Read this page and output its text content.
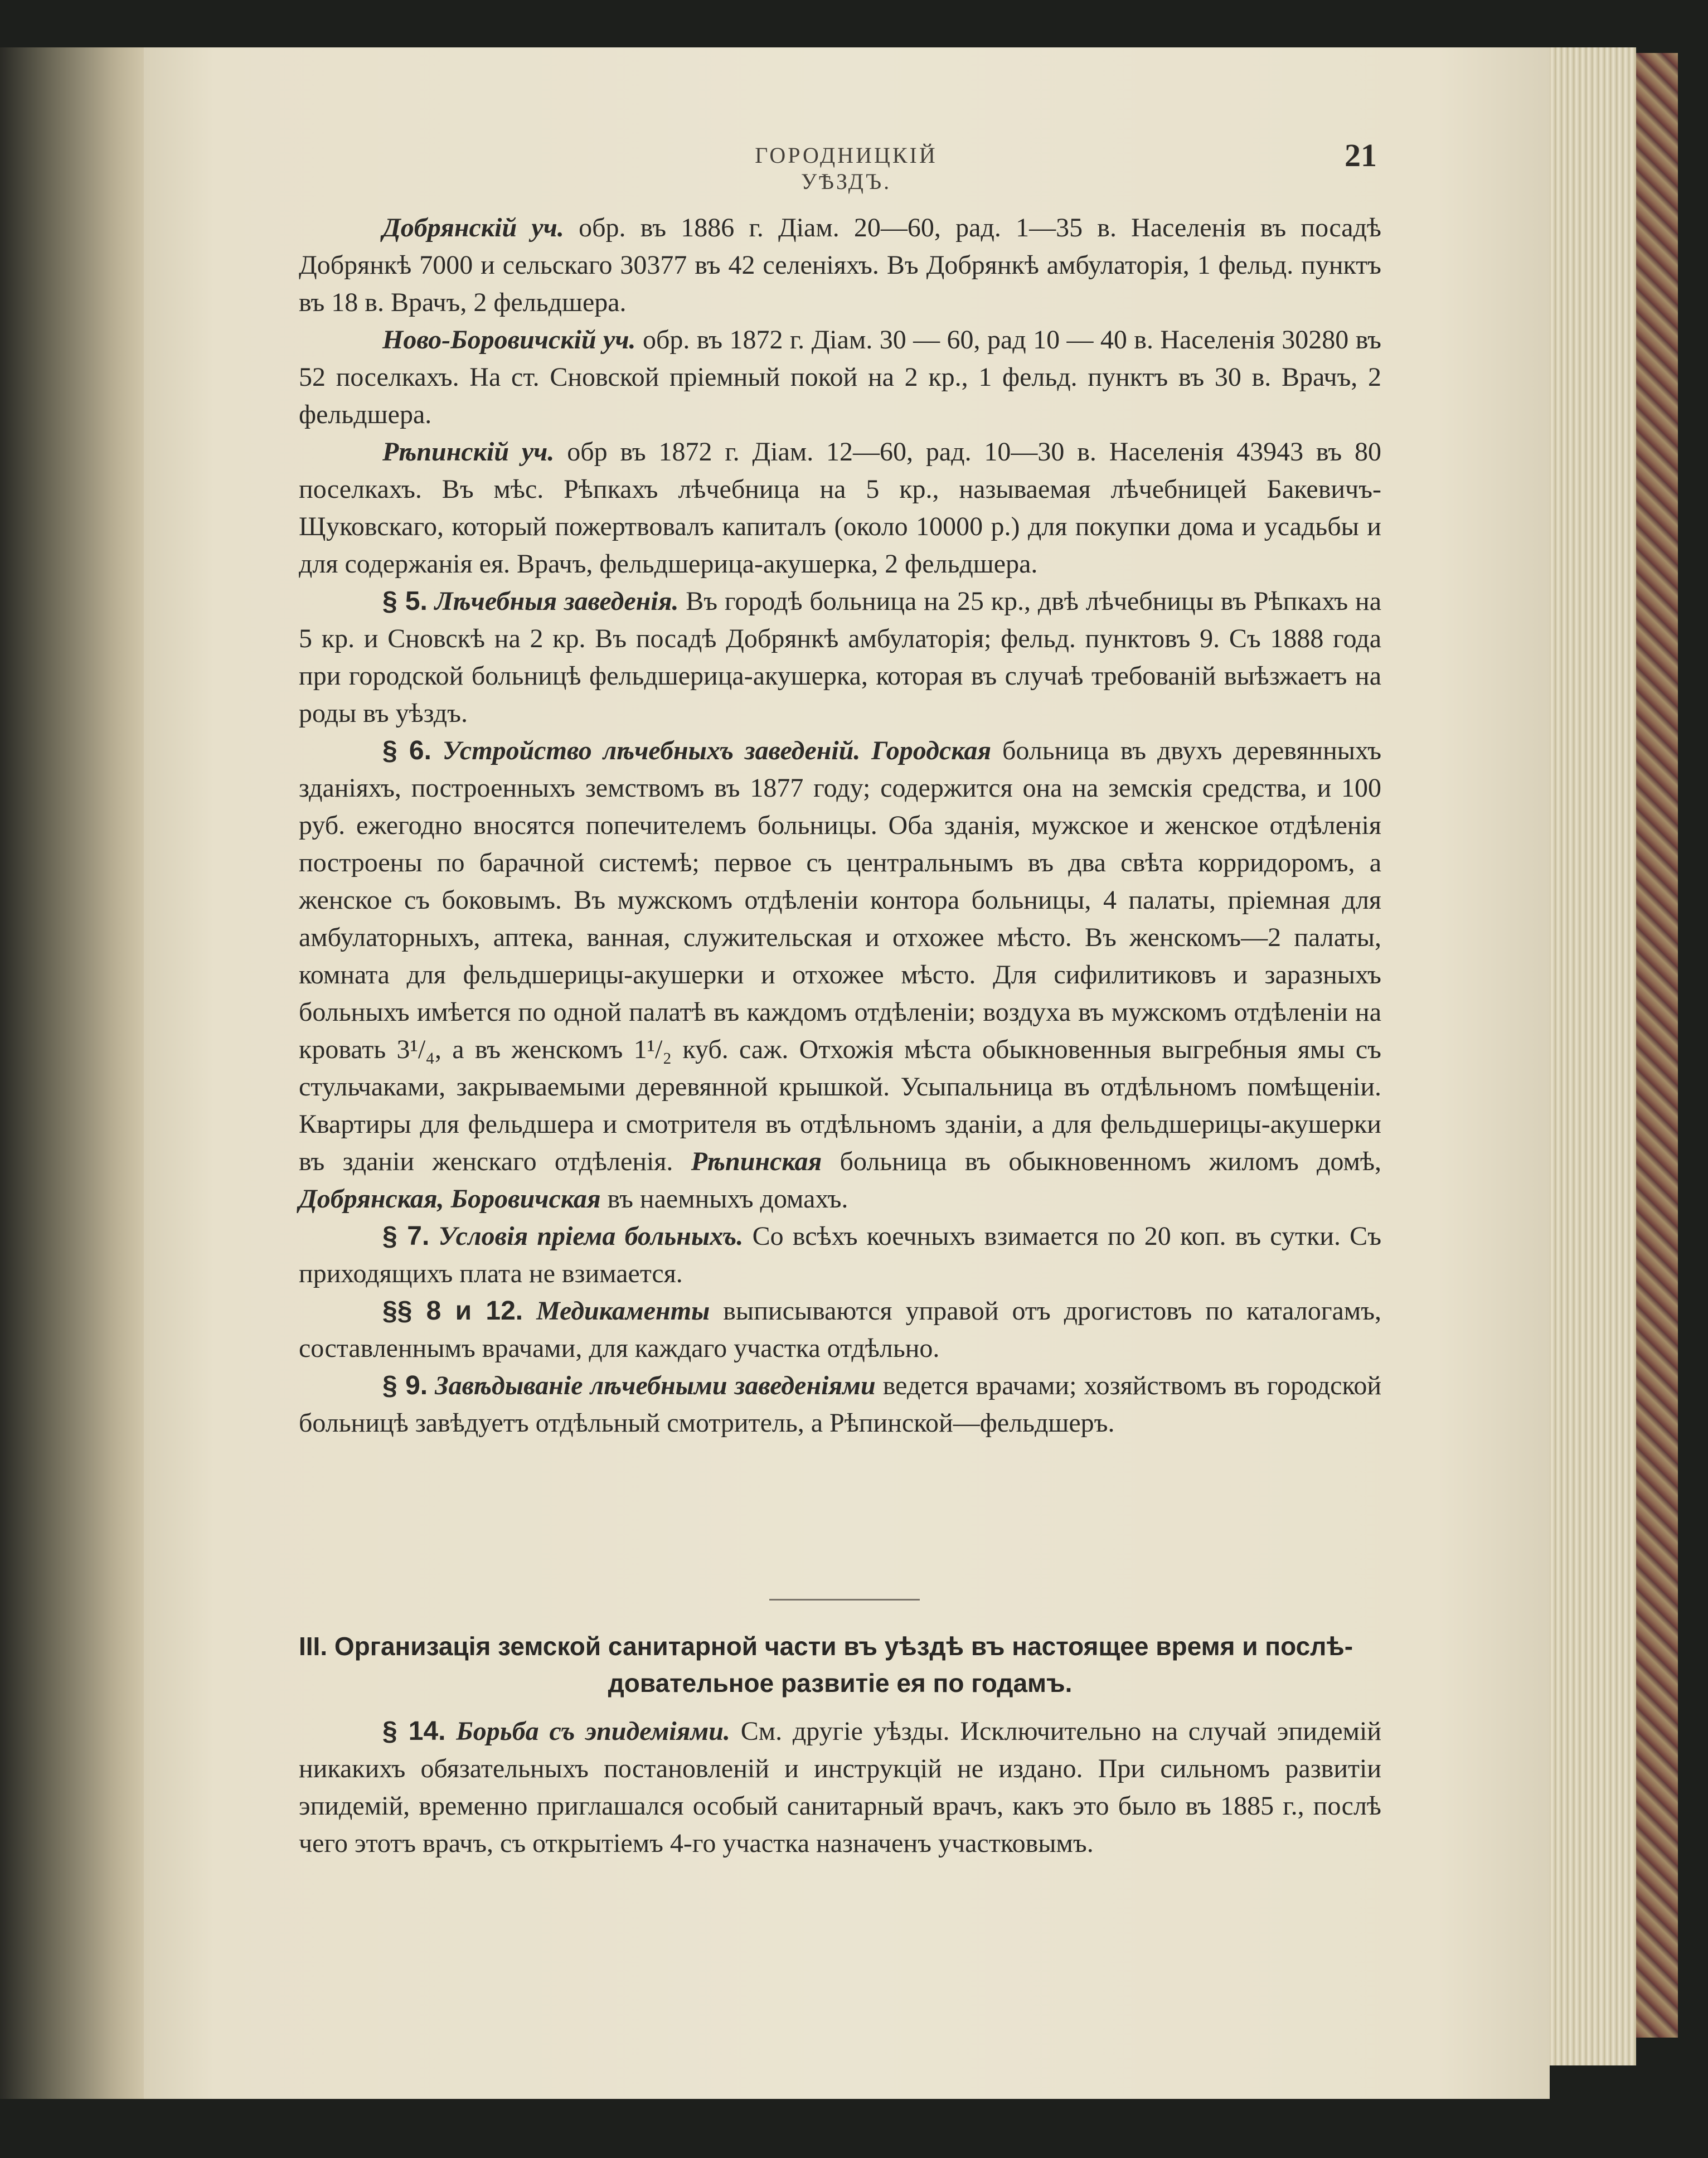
ГОРОДНИЦКІЙ УѢЗДЪ.
21

Добрянскій уч. обр. въ 1886 г. Діам. 20—60, рад. 1—35 в. Населенія въ посадѣ Добрянкѣ 7000 и сельскаго 30377 въ 42 селеніяхъ. Въ Добрянкѣ амбулаторія, 1 фельд. пунктъ въ 18 в. Врачъ, 2 фельдшера.

Ново-Боровичскій уч. обр. въ 1872 г. Діам. 30 — 60, рад 10 — 40 в. Населенія 30280 въ 52 поселкахъ. На ст. Сновской пріемный покой на 2 кр., 1 фельд. пунктъ въ 30 в. Врачъ, 2 фельдшера.

Рѣпинскій уч. обр въ 1872 г. Діам. 12—60, рад. 10—30 в. Населенія 43943 въ 80 поселкахъ. Въ мѣс. Рѣпкахъ лѣчебница на 5 кр., называемая лѣчебницей Бакевичъ-Щуковскаго, который пожертвовалъ капиталъ (около 10000 р.) для покупки дома и усадьбы и для содержанія ея. Врачъ, фельдшерица-акушерка, 2 фельдшера.

§ 5. Лѣчебныя заведенія. Въ городѣ больница на 25 кр., двѣ лѣчебницы въ Рѣпкахъ на 5 кр. и Сновскѣ на 2 кр. Въ посадѣ Добрянкѣ амбулаторія; фельд. пунктовъ 9. Съ 1888 года при городской больницѣ фельдшерица-акушерка, которая въ случаѣ требованій выѣзжаетъ на роды въ уѣздъ.

§ 6. Устройство лѣчебныхъ заведеній. Городская больница въ двухъ деревянныхъ зданіяхъ, построенныхъ земствомъ въ 1877 году; содержится она на земскія средства, и 100 руб. ежегодно вносятся попечителемъ больницы. Оба зданія, мужское и женское отдѣленія построены по барачной системѣ; первое съ центральнымъ въ два свѣта корридоромъ, а женское съ боковымъ. Въ мужскомъ отдѣленіи контора больницы, 4 палаты, пріемная для амбулаторныхъ, аптека, ванная, служительская и отхожее мѣсто. Въ женскомъ—2 палаты, комната для фельдшерицы-акушерки и отхожее мѣсто. Для сифилитиковъ и заразныхъ больныхъ имѣется по одной палатѣ въ каждомъ отдѣленіи; воздуха въ мужскомъ отдѣленіи на кровать 3¹/₄, а въ женскомъ 1¹/₂ куб. саж. Отхожія мѣста обыкновенныя выгребныя ямы съ стульчаками, закрываемыми деревянной крышкой. Усыпальница въ отдѣльномъ помѣщеніи. Квартиры для фельдшера и смотрителя въ отдѣльномъ зданіи, а для фельдшерицы-акушерки въ зданіи женскаго отдѣленія. Рѣпинская больница въ обыкновенномъ жиломъ домѣ, Добрянская, Боровичская въ наемныхъ домахъ.

§ 7. Условія пріема больныхъ. Со всѣхъ коечныхъ взимается по 20 коп. въ сутки. Съ приходящихъ плата не взимается.

§§ 8 и 12. Медикаменты выписываются управой отъ дрогистовъ по каталогамъ, составленнымъ врачами, для каждаго участка отдѣльно.

§ 9. Завѣдываніе лѣчебными заведеніями ведется врачами; хозяйствомъ въ городской больницѣ завѣдуетъ отдѣльный смотритель, а Рѣпинской—фельдшеръ.

III. Организація земской санитарной части въ уѣздѣ въ настоящее время и послѣ-
довательное развитіе ея по годамъ.

§ 14. Борьба съ эпидеміями. См. другіе уѣзды. Исключительно на случай эпидемій никакихъ обязательныхъ постановленій и инструкцій не издано. При сильномъ развитіи эпидемій, временно приглашался особый санитарный врачъ, какъ это было въ 1885 г., послѣ чего этотъ врачъ, съ открытіемъ 4-го участка назначенъ участковымъ.
